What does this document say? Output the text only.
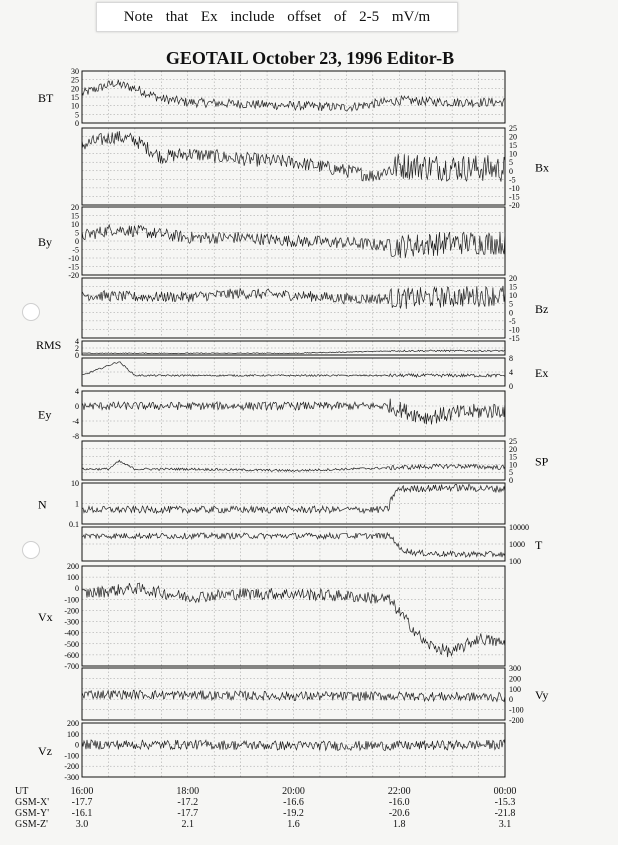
Note that Ex include offset of 2-5 mV/m
GEOTAIL October 23, 1996 Editor-B
30
25
20
15
10
5
0
BT
25
20
15
10
5
0
-5
-10
-15
-20
Bx
20
15
10
5
0
-5
-10
-15
-20
By
20
15
10
5
0
-5
-10
-15
Bz
4
2
0
RMS
8
4
0
Ex
4
0
-4
-8
Ey
25
20
15
10
5
0
SP
10
1
0.1
N
10000
1000
100
T
200
100
0
-100
-200
-300
-400
-500
-600
-700
Vx
300
200
100
0
-100
-200
Vy
200
100
0
-100
-200
-300
Vz
UT
GSM-X'
GSM-Y'
GSM-Z'
16:00
-17.7
-16.1
3.0
18:00
-17.2
-17.7
2.1
20:00
-16.6
-19.2
1.6
22:00
-16.0
-20.6
1.8
00:00
-15.3
-21.8
3.1
